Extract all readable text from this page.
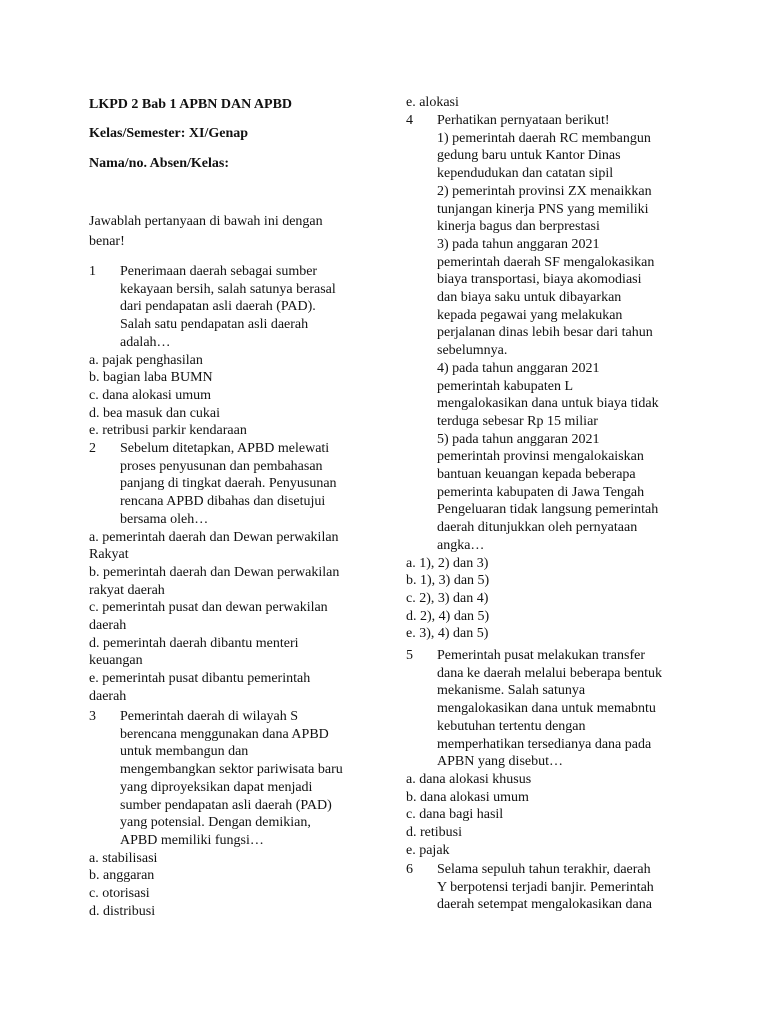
LKPD 2 Bab 1 APBN DAN APBD
Kelas/Semester: XI/Genap
Nama/no. Absen/Kelas:
Jawablah pertanyaan di bawah ini dengan
benar!
1 Penerimaan daerah sebagai sumber
kekayaan bersih, salah satunya berasal
dari pendapatan asli daerah (PAD).
Salah satu pendapatan asli daerah
adalah…
a. pajak penghasilan
b. bagian laba BUMN
c. dana alokasi umum
d. bea masuk dan cukai
e. retribusi parkir kendaraan
2 Sebelum ditetapkan, APBD melewati
proses penyusunan dan pembahasan
panjang di tingkat daerah. Penyusunan
rencana APBD dibahas dan disetujui
bersama oleh…
a. pemerintah daerah dan Dewan perwakilan
Rakyat
b. pemerintah daerah dan Dewan perwakilan
rakyat daerah
c. pemerintah pusat dan dewan perwakilan
daerah
d. pemerintah daerah dibantu menteri
keuangan
e. pemerintah pusat dibantu pemerintah
daerah
3 Pemerintah daerah di wilayah S
berencana menggunakan dana APBD
untuk membangun dan
mengembangkan sektor pariwisata baru
yang diproyeksikan dapat menjadi
sumber pendapatan asli daerah (PAD)
yang potensial. Dengan demikian,
APBD memiliki fungsi…
a. stabilisasi
b. anggaran
c. otorisasi
d. distribusi
e. alokasi
4 Perhatikan pernyataan berikut!
1) pemerintah daerah RC membangun
gedung baru untuk Kantor Dinas
kependudukan dan catatan sipil
2) pemerintah provinsi ZX menaikkan
tunjangan kinerja PNS yang memiliki
kinerja bagus dan berprestasi
3) pada tahun anggaran 2021
pemerintah daerah SF mengalokasikan
biaya transportasi, biaya akomodiasi
dan biaya saku untuk dibayarkan
kepada pegawai yang melakukan
perjalanan dinas lebih besar dari tahun
sebelumnya.
4) pada tahun anggaran 2021
pemerintah kabupaten L
mengalokasikan dana untuk biaya tidak
terduga sebesar Rp 15 miliar
5) pada tahun anggaran 2021
pemerintah provinsi mengalokaiskan
bantuan keuangan kepada beberapa
pemerinta kabupaten di Jawa Tengah
Pengeluaran tidak langsung pemerintah
daerah ditunjukkan oleh pernyataan
angka…
a. 1), 2) dan 3)
b. 1), 3) dan 5)
c. 2), 3) dan 4)
d. 2), 4) dan 5)
e. 3), 4) dan 5)
5 Pemerintah pusat melakukan transfer
dana ke daerah melalui beberapa bentuk
mekanisme. Salah satunya
mengalokasikan dana untuk memabntu
kebutuhan tertentu dengan
memperhatikan tersedianya dana pada
APBN yang disebut…
a. dana alokasi khusus
b. dana alokasi umum
c. dana bagi hasil
d. retibusi
e. pajak
6 Selama sepuluh tahun terakhir, daerah
Y berpotensi terjadi banjir. Pemerintah
daerah setempat mengalokasikan dana
